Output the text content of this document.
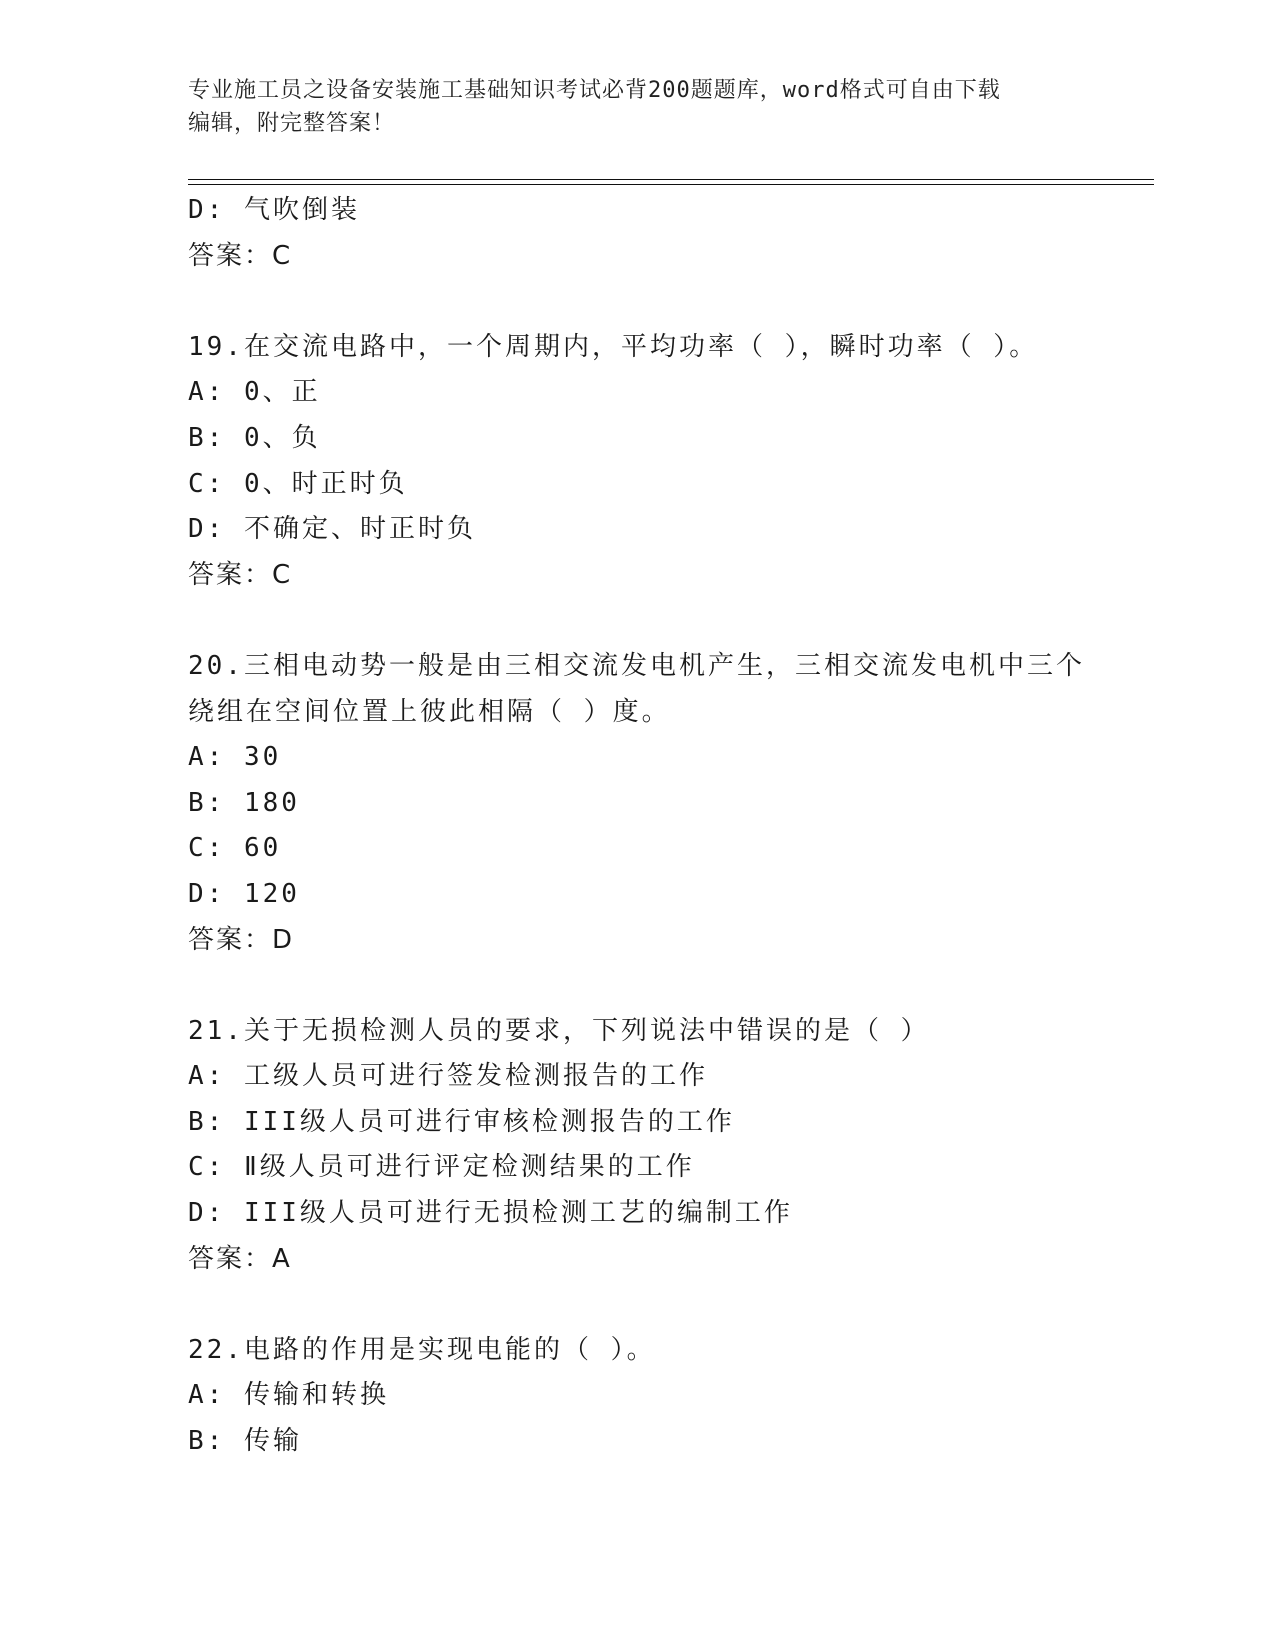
专业施工员之设备安装施工基础知识考试必背200题题库，word格式可自由下载
编辑，附完整答案！
D: 气吹倒装
答案：C
19.在交流电路中，一个周期内，平均功率（ ），瞬时功率（ ）。
A: 0、正
B: 0、负
C: 0、时正时负
D: 不确定、时正时负
答案：C
20.三相电动势一般是由三相交流发电机产生，三相交流发电机中三个
绕组在空间位置上彼此相隔（ ）度。
A: 30
B: 180
C: 60
D: 120
答案：D
21.关于无损检测人员的要求，下列说法中错误的是（ ）
A: 工级人员可进行签发检测报告的工作
B: III级人员可进行审核检测报告的工作
C: Ⅱ级人员可进行评定检测结果的工作
D: III级人员可进行无损检测工艺的编制工作
答案：A
22.电路的作用是实现电能的（ ）。
A: 传输和转换
B: 传输
